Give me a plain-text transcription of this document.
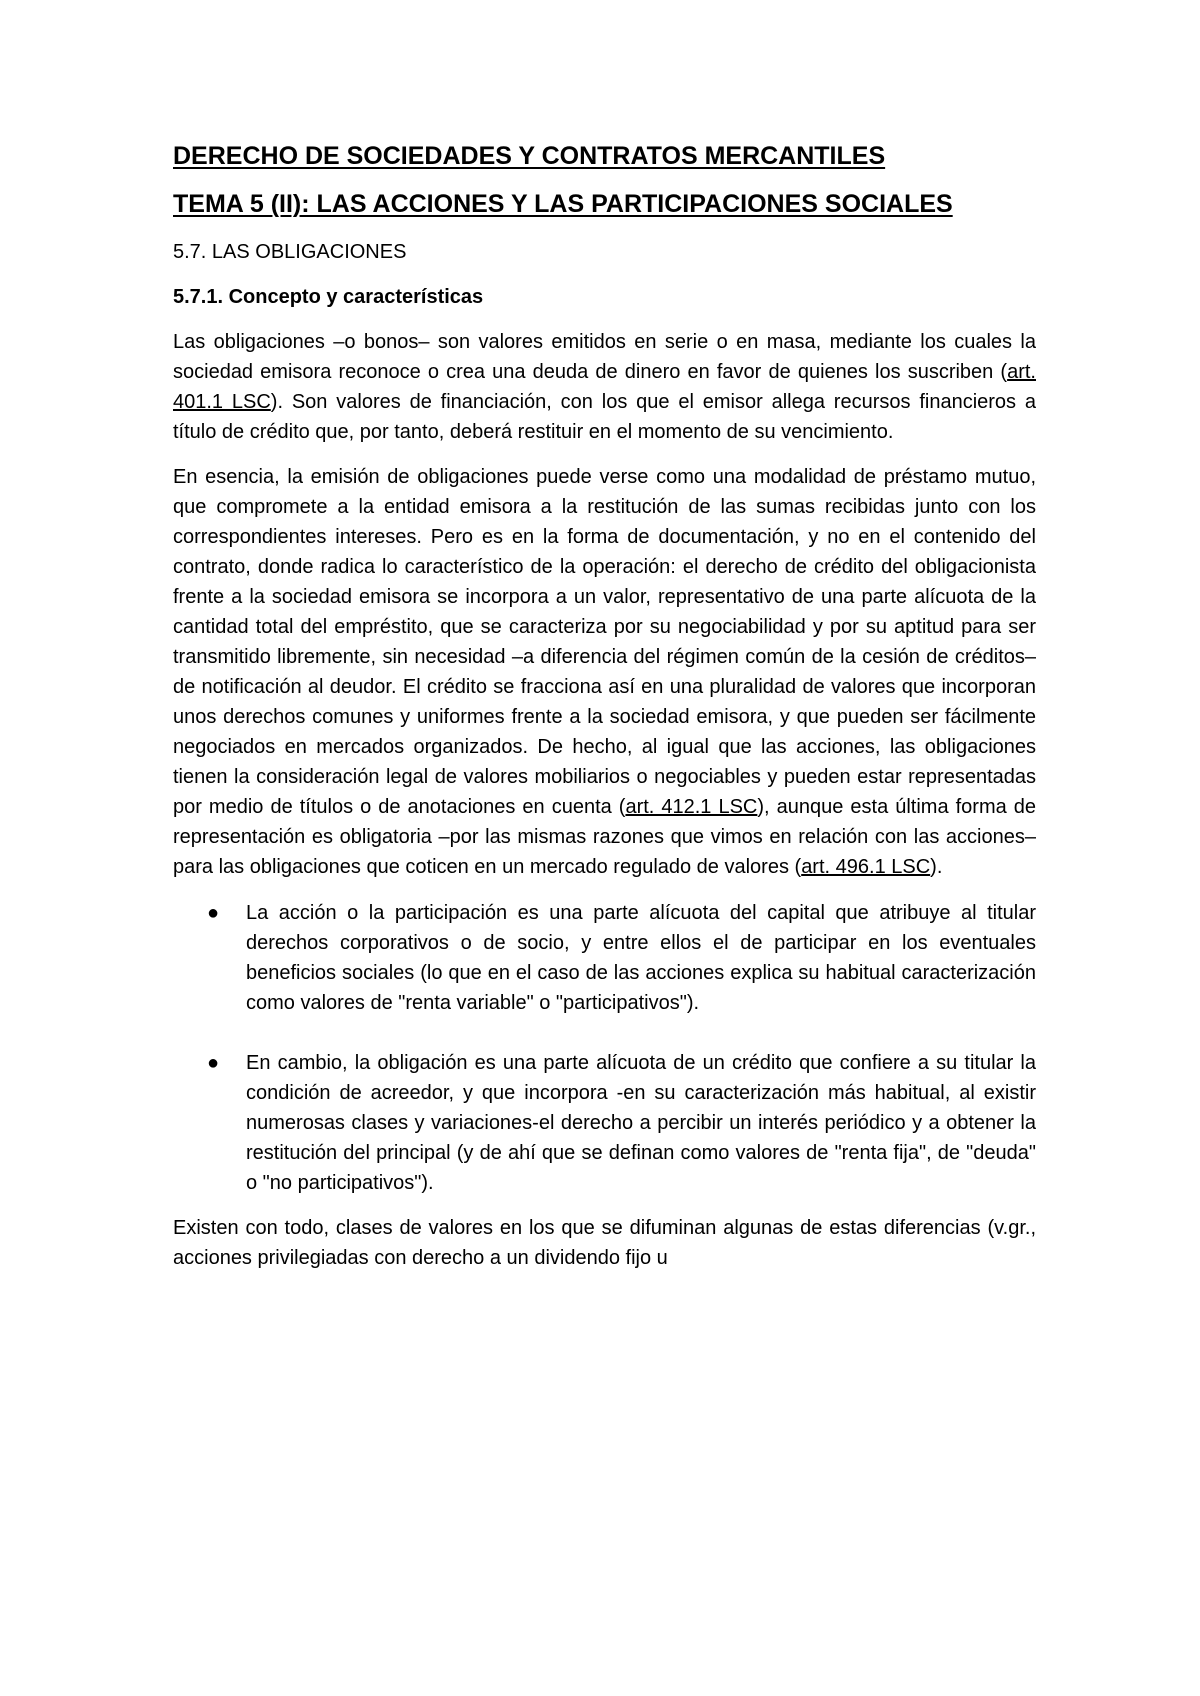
DERECHO DE SOCIEDADES Y CONTRATOS MERCANTILES
TEMA 5 (II): LAS ACCIONES Y LAS PARTICIPACIONES SOCIALES
5.7. LAS OBLIGACIONES
5.7.1. Concepto y características

Las obligaciones –o bonos– son valores emitidos en serie o en masa, mediante los cuales la sociedad emisora reconoce o crea una deuda de dinero en favor de quienes los suscriben (art. 401.1 LSC). Son valores de financiación, con los que el emisor allega recursos financieros a título de crédito que, por tanto, deberá restituir en el momento de su vencimiento.

En esencia, la emisión de obligaciones puede verse como una modalidad de préstamo mutuo, que compromete a la entidad emisora a la restitución de las sumas recibidas junto con los correspondientes intereses. Pero es en la forma de documentación, y no en el contenido del contrato, donde radica lo característico de la operación: el derecho de crédito del obligacionista frente a la sociedad emisora se incorpora a un valor, representativo de una parte alícuota de la cantidad total del empréstito, que se caracteriza por su negociabilidad y por su aptitud para ser transmitido libremente, sin necesidad –a diferencia del régimen común de la cesión de créditos– de notificación al deudor. El crédito se fracciona así en una pluralidad de valores que incorporan unos derechos comunes y uniformes frente a la sociedad emisora, y que pueden ser fácilmente negociados en mercados organizados. De hecho, al igual que las acciones, las obligaciones tienen la consideración legal de valores mobiliarios o negociables y pueden estar representadas por medio de títulos o de anotaciones en cuenta (art. 412.1 LSC), aunque esta última forma de representación es obligatoria –por las mismas razones que vimos en relación con las acciones– para las obligaciones que coticen en un mercado regulado de valores (art. 496.1 LSC).

● La acción o la participación es una parte alícuota del capital que atribuye al titular derechos corporativos o de socio, y entre ellos el de participar en los eventuales beneficios sociales (lo que en el caso de las acciones explica su habitual caracterización como valores de "renta variable" o "participativos").
● En cambio, la obligación es una parte alícuota de un crédito que confiere a su titular la condición de acreedor, y que incorpora -en su caracterización más habitual, al existir numerosas clases y variaciones-el derecho a percibir un interés periódico y a obtener la restitución del principal (y de ahí que se definan como valores de "renta fija", de "deuda" o "no participativos").

Existen con todo, clases de valores en los que se difuminan algunas de estas diferencias (v.gr., acciones privilegiadas con derecho a un dividendo fijo u
